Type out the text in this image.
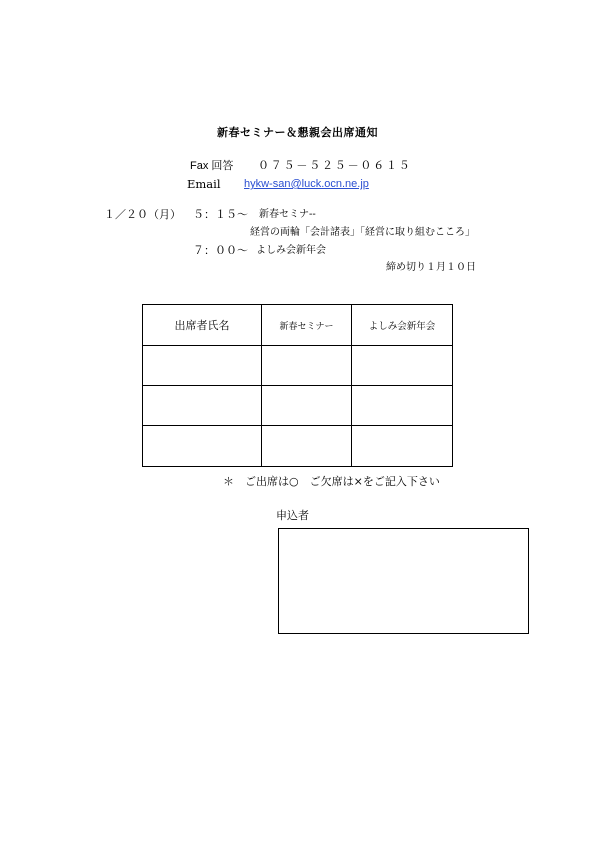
新春セミナー＆懇親会出席通知
Fax 回答 ０７５－５２５－０６１５
Email hykw-san@luck.ocn.ne.jp
１／２０（月） ５：１５～ 新春セミナ--
経営の両輪「会計諸表」「経営に取り組むこころ」
７：００～ よしみ会新年会
締め切り１月１０日
出席者氏名	新春セミナー	よしみ会新年会

＊　ご出席は○　ご欠席は×をご記入下さい
申込者
